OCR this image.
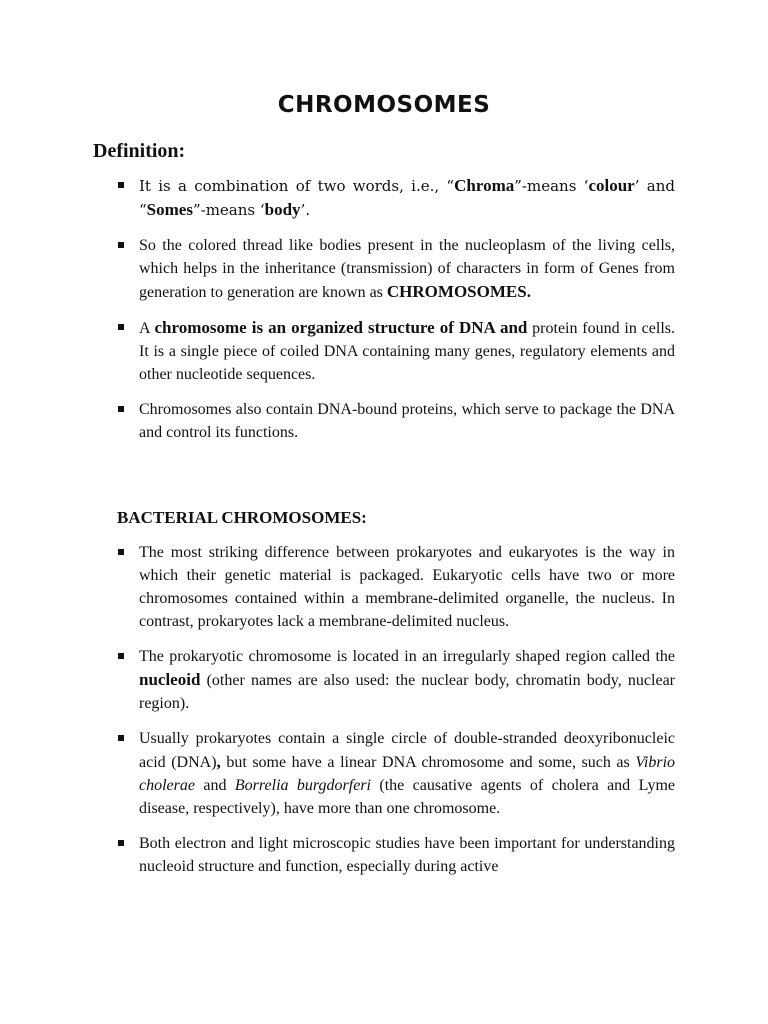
CHROMOSOMES
Definition:
It is a combination of two words, i.e., “Chroma”-means ‘colour’ and “Somes”-means ‘body’.
So the colored thread like bodies present in the nucleoplasm of the living cells, which helps in the inheritance (transmission) of characters in form of Genes from generation to generation are known as CHROMOSOMES.
A chromosome is an organized structure of DNA and protein found in cells. It is a single piece of coiled DNA containing many genes, regulatory elements and other nucleotide sequences.
Chromosomes also contain DNA-bound proteins, which serve to package the DNA and control its functions.
BACTERIAL CHROMOSOMES:
The most striking difference between prokaryotes and eukaryotes is the way in which their genetic material is packaged. Eukaryotic cells have two or more chromosomes contained within a membrane-delimited organelle, the nucleus. In contrast, prokaryotes lack a membrane-delimited nucleus.
The prokaryotic chromosome is located in an irregularly shaped region called the nucleoid (other names are also used: the nuclear body, chromatin body, nuclear region).
Usually prokaryotes contain a single circle of double-stranded deoxyribonucleic acid (DNA), but some have a linear DNA chromosome and some, such as Vibrio cholerae and Borrelia burgdorferi (the causative agents of cholera and Lyme disease, respectively), have more than one chromosome.
Both electron and light microscopic studies have been important for understanding nucleoid structure and function, especially during active
